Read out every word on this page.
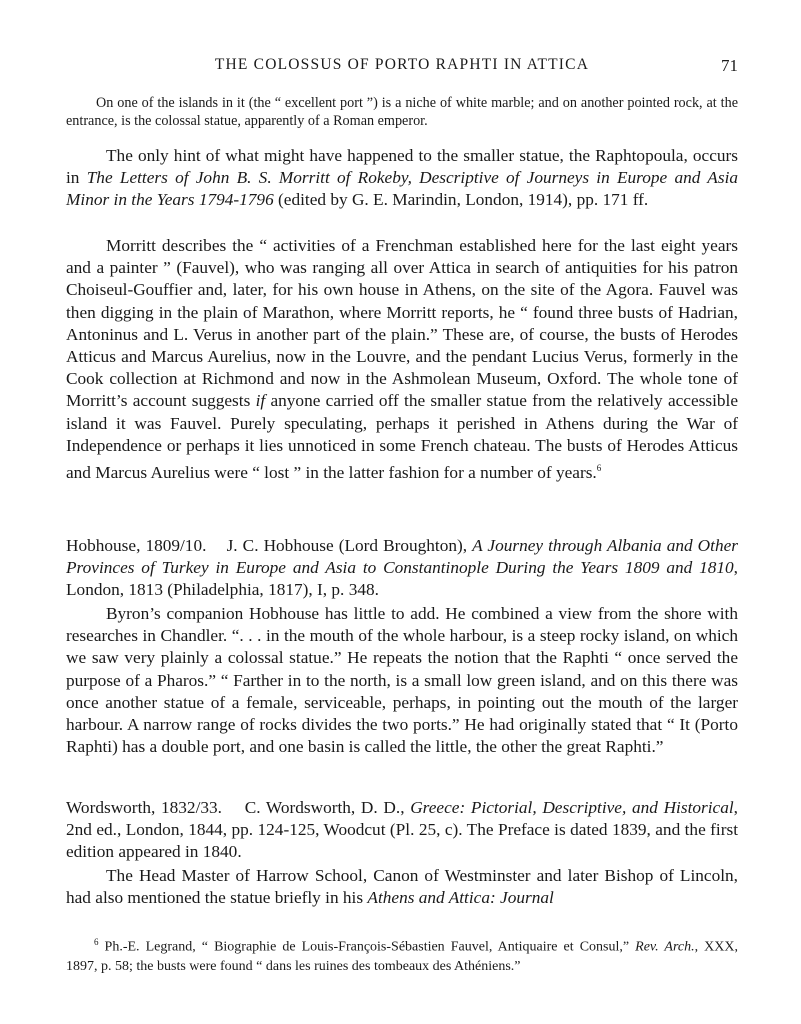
THE COLOSSUS OF PORTO RAPHTI IN ATTICA	71
On one of the islands in it (the “ excellent port ”) is a niche of white marble; and on another pointed rock, at the entrance, is the colossal statue, apparently of a Roman emperor.
The only hint of what might have happened to the smaller statue, the Raphtopoula, occurs in The Letters of John B. S. Morritt of Rokeby, Descriptive of Journeys in Europe and Asia Minor in the Years 1794-1796 (edited by G. E. Marindin, London, 1914), pp. 171 ff.
Morritt describes the “ activities of a Frenchman established here for the last eight years and a painter ” (Fauvel), who was ranging all over Attica in search of antiquities for his patron Choiseul-Gouffier and, later, for his own house in Athens, on the site of the Agora. Fauvel was then digging in the plain of Marathon, where Morritt reports, he “ found three busts of Hadrian, Antoninus and L. Verus in another part of the plain.” These are, of course, the busts of Herodes Atticus and Marcus Aurelius, now in the Louvre, and the pendant Lucius Verus, formerly in the Cook collection at Richmond and now in the Ashmolean Museum, Oxford. The whole tone of Morritt’s account suggests if anyone carried off the smaller statue from the relatively accessible island it was Fauvel. Purely speculating, perhaps it perished in Athens during the War of Independence or perhaps it lies unnoticed in some French chateau. The busts of Herodes Atticus and Marcus Aurelius were “ lost ” in the latter fashion for a number of years.$^6$
Hobhouse, 1809/10.    J. C. Hobhouse (Lord Broughton), A Journey through Albania and Other Provinces of Turkey in Europe and Asia to Constantinople During the Years 1809 and 1810, London, 1813 (Philadelphia, 1817), I, p. 348.
Byron’s companion Hobhouse has little to add. He combined a view from the shore with researches in Chandler. “. . . in the mouth of the whole harbour, is a steep rocky island, on which we saw very plainly a colossal statue.” He repeats the notion that the Raphti “ once served the purpose of a Pharos.” “ Farther in to the north, is a small low green island, and on this there was once another statue of a female, serviceable, perhaps, in pointing out the mouth of the larger harbour. A narrow range of rocks divides the two ports.” He had originally stated that “ It (Porto Raphti) has a double port, and one basin is called the little, the other the great Raphti.”
Wordsworth, 1832/33.    C. Wordsworth, D. D., Greece: Pictorial, Descriptive, and Historical, 2nd ed., London, 1844, pp. 124-125, Woodcut (Pl. 25, c). The Preface is dated 1839, and the first edition appeared in 1840.
The Head Master of Harrow School, Canon of Westminster and later Bishop of Lincoln, had also mentioned the statue briefly in his Athens and Attica: Journal
$^6$ Ph.-E. Legrand, “ Biographie de Louis-François-Sébastien Fauvel, Antiquaire et Consul,” Rev. Arch., XXX, 1897, p. 58; the busts were found “ dans les ruines des tombeaux des Athéniens.”
